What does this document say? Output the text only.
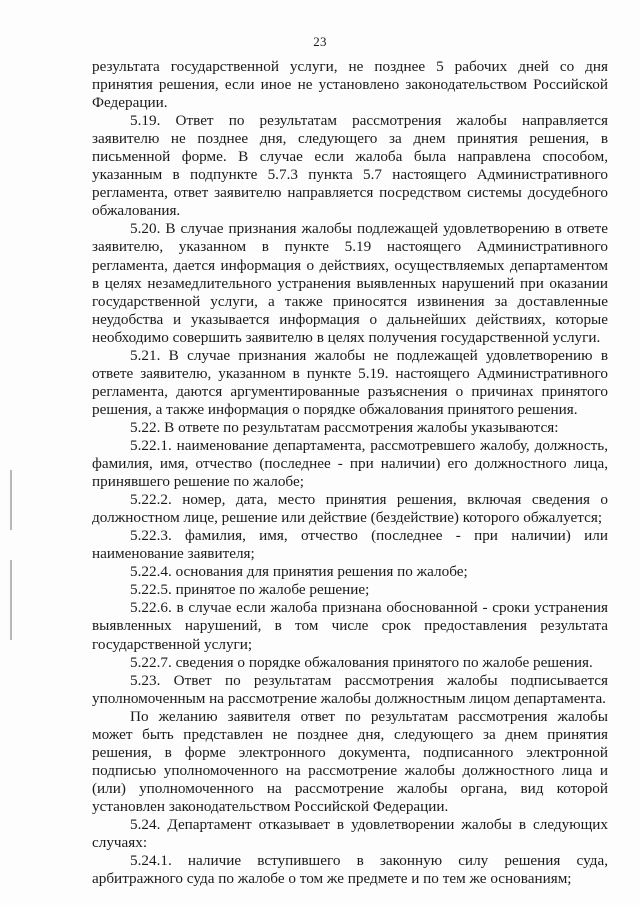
23

результата государственной услуги, не позднее 5 рабочих дней со дня принятия решения, если иное не установлено законодательством Российской Федерации.

5.19. Ответ по результатам рассмотрения жалобы направляется заявителю не позднее дня, следующего за днем принятия решения, в письменной форме. В случае если жалоба была направлена способом, указанным в подпункте 5.7.3 пункта 5.7 настоящего Административного регламента, ответ заявителю направляется посредством системы досудебного обжалования.

5.20. В случае признания жалобы подлежащей удовлетворению в ответе заявителю, указанном в пункте 5.19 настоящего Административного регламента, дается информация о действиях, осуществляемых департаментом в целях незамедлительного устранения выявленных нарушений при оказании государственной услуги, а также приносятся извинения за доставленные неудобства и указывается информация о дальнейших действиях, которые необходимо совершить заявителю в целях получения государственной услуги.

5.21. В случае признания жалобы не подлежащей удовлетворению в ответе заявителю, указанном в пункте 5.19. настоящего Административного регламента, даются аргументированные разъяснения о причинах принятого решения, а также информация о порядке обжалования принятого решения.

5.22. В ответе по результатам рассмотрения жалобы указываются:

5.22.1. наименование департамента, рассмотревшего жалобу, должность, фамилия, имя, отчество (последнее - при наличии) его должностного лица, принявшего решение по жалобе;

5.22.2. номер, дата, место принятия решения, включая сведения о должностном лице, решение или действие (бездействие) которого обжалуется;

5.22.3. фамилия, имя, отчество (последнее - при наличии) или наименование заявителя;

5.22.4. основания для принятия решения по жалобе;

5.22.5. принятое по жалобе решение;

5.22.6. в случае если жалоба признана обоснованной - сроки устранения выявленных нарушений, в том числе срок предоставления результата государственной услуги;

5.22.7. сведения о порядке обжалования принятого по жалобе решения.

5.23. Ответ по результатам рассмотрения жалобы подписывается уполномоченным на рассмотрение жалобы должностным лицом департамента.

По желанию заявителя ответ по результатам рассмотрения жалобы может быть представлен не позднее дня, следующего за днем принятия решения, в форме электронного документа, подписанного электронной подписью уполномоченного на рассмотрение жалобы должностного лица и (или) уполномоченного на рассмотрение жалобы органа, вид которой установлен законодательством Российской Федерации.

5.24. Департамент отказывает в удовлетворении жалобы в следующих случаях:

5.24.1. наличие вступившего в законную силу решения суда, арбитражного суда по жалобе о том же предмете и по тем же основаниям;
